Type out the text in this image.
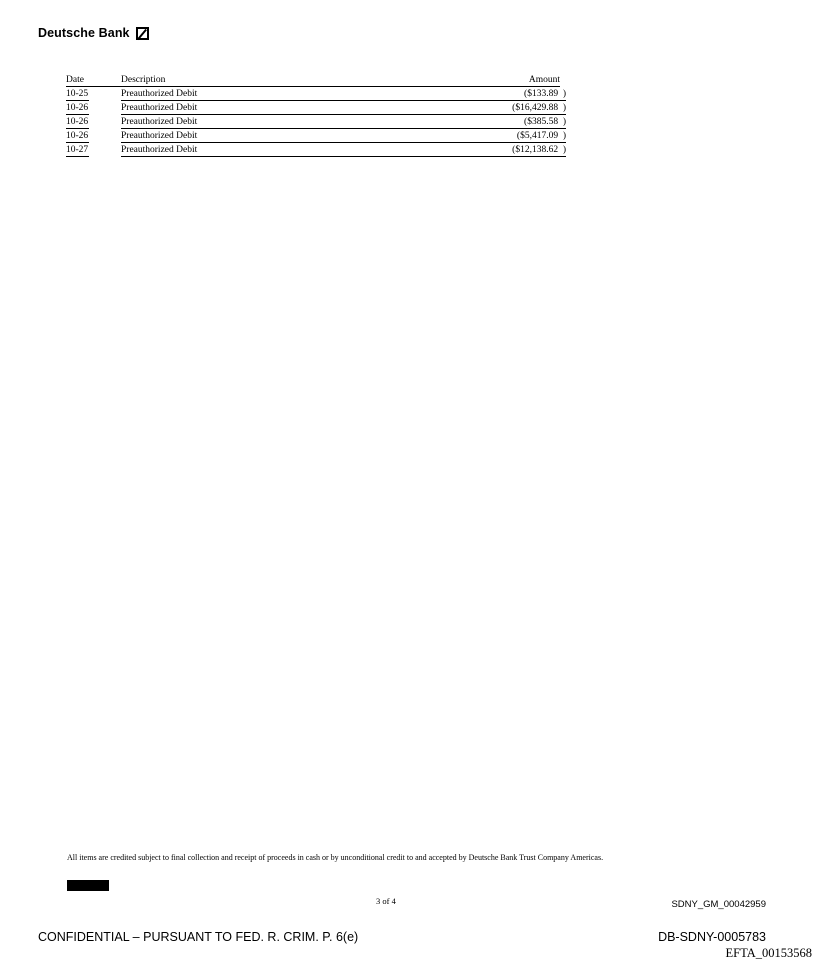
Deutsche Bank
Date	Description	Amount
10-25	Preauthorized Debit	($133.89  )
10-26	Preauthorized Debit	($16,429.88  )
10-26	Preauthorized Debit	($385.58  )
10-26	Preauthorized Debit	($5,417.09  )
10-27	Preauthorized Debit	($12,138.62  )
All items are credited subject to final collection and receipt of proceeds in cash or by unconditional credit to and accepted by Deutsche Bank Trust Company Americas.
3 of 4	SDNY_GM_00042959
CONFIDENTIAL – PURSUANT TO FED. R. CRIM. P. 6(e)	DB-SDNY-0005783
EFTA_00153568
